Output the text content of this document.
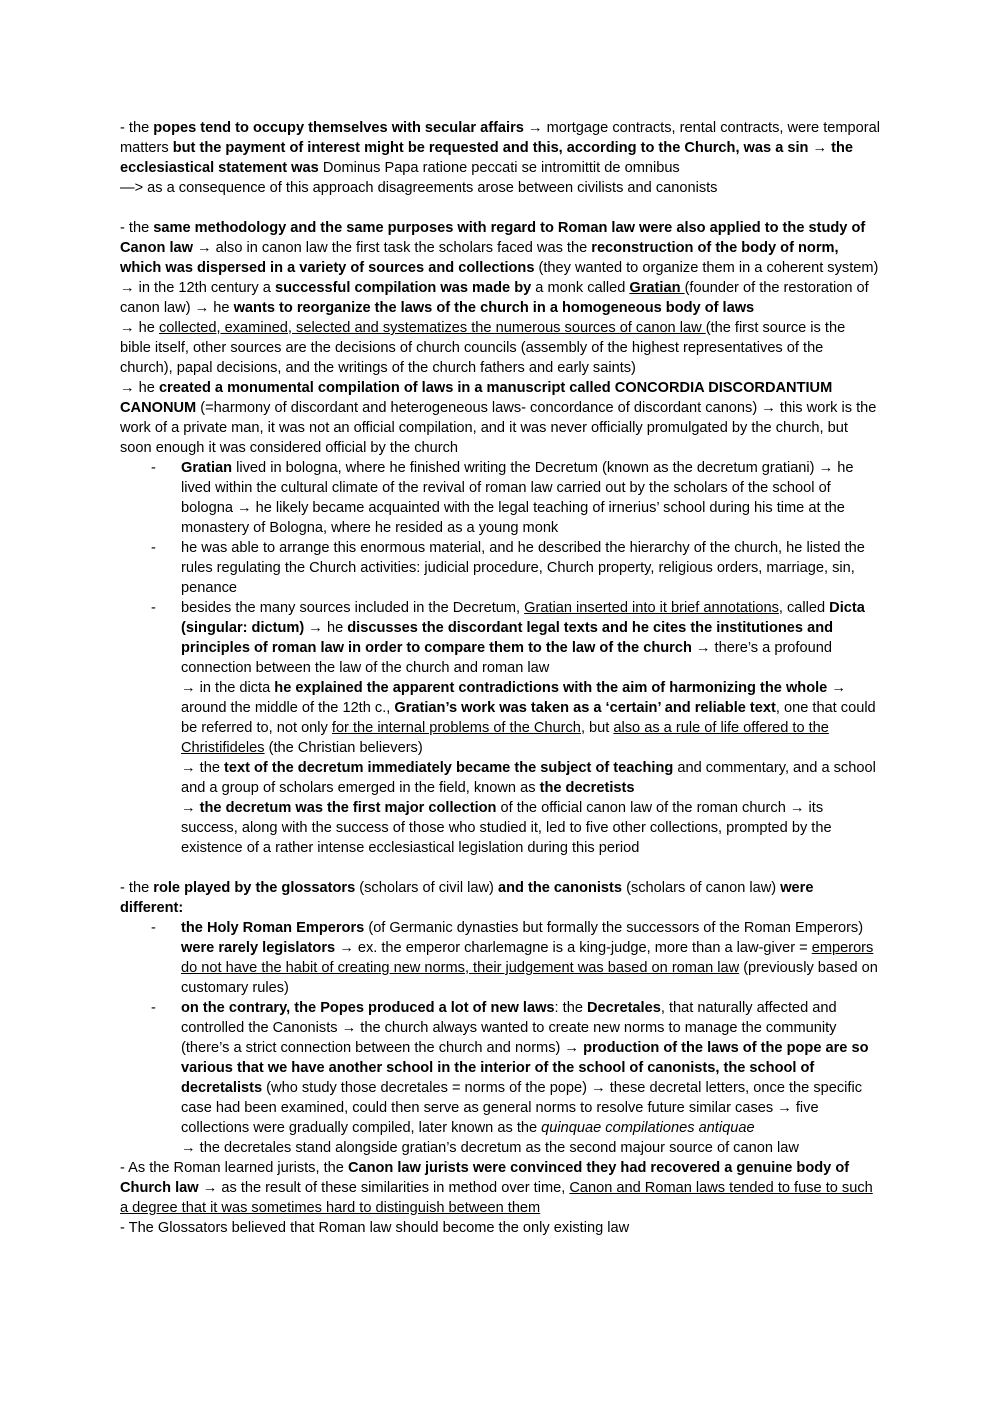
- the popes tend to occupy themselves with secular affairs → mortgage contracts, rental contracts, were temporal matters but the payment of interest might be requested and this, according to the Church, was a sin → the ecclesiastical statement was Dominus Papa ratione peccati se intromittit de omnibus

—> as a consequence of this approach disagreements arose between civilists and canonists

- the same methodology and the same purposes with regard to Roman law were also applied to the study of Canon law → also in canon law the first task the scholars faced was the reconstruction of the body of norm, which was dispersed in a variety of sources and collections (they wanted to organize them in a coherent system)

→ in the 12th century a successful compilation was made by a monk called Gratian (founder of the restoration of canon law) → he wants to reorganize the laws of the church in a homogeneous body of laws

→ he collected, examined, selected and systematizes the numerous sources of canon law (the first source is the bible itself, other sources are the decisions of church councils (assembly of the highest representatives of the church), papal decisions, and the writings of the church fathers and early saints)

→ he created a monumental compilation of laws in a manuscript called CONCORDIA DISCORDANTIUM CANONUM (=harmony of discordant and heterogeneous laws- concordance of discordant canons) → this work is the work of a private man, it was not an official compilation, and it was never officially promulgated by the church, but soon enough it was considered official by the church

- Gratian lived in bologna, where he finished writing the Decretum (known as the decretum gratiani) → he lived within the cultural climate of the revival of roman law carried out by the scholars of the school of bologna → he likely became acquainted with the legal teaching of irnerius’ school during his time at the monastery of Bologna, where he resided as a young monk

- he was able to arrange this enormous material, and he described the hierarchy of the church, he listed the rules regulating the Church activities: judicial procedure, Church property, religious orders, marriage, sin, penance

- besides the many sources included in the Decretum, Gratian inserted into it brief annotations, called Dicta (singular: dictum) → he discusses the discordant legal texts and he cites the institutiones and principles of roman law in order to compare them to the law of the church → there’s a profound connection between the law of the church and roman law

→ in the dicta he explained the apparent contradictions with the aim of harmonizing the whole → around the middle of the 12th c., Gratian’s work was taken as a ‘certain’ and reliable text, one that could be referred to, not only for the internal problems of the Church, but also as a rule of life offered to the Christifideles (the Christian believers)

→ the text of the decretum immediately became the subject of teaching and commentary, and a school and a group of scholars emerged in the field, known as the decretists

→ the decretum was the first major collection of the official canon law of the roman church → its success, along with the success of those who studied it, led to five other collections, prompted by the existence of a rather intense ecclesiastical legislation during this period

- the role played by the glossators (scholars of civil law) and the canonists (scholars of canon law) were different:

- the Holy Roman Emperors (of Germanic dynasties but formally the successors of the Roman Emperors) were rarely legislators → ex. the emperor charlemagne is a king-judge, more than a law-giver = emperors do not have the habit of creating new norms, their judgement was based on roman law (previously based on customary rules)

- on the contrary, the Popes produced a lot of new laws: the Decretales, that naturally affected and controlled the Canonists → the church always wanted to create new norms to manage the community (there’s a strict connection between the church and norms) → production of the laws of the pope are so various that we have another school in the interior of the school of canonists, the school of decretalists (who study those decretales = norms of the pope) → these decretal letters, once the specific case had been examined, could then serve as general norms to resolve future similar cases → five collections were gradually compiled, later known as the quinquae compilationes antiquae

→ the decretales stand alongside gratian’s decretum as the second majour source of canon law

- As the Roman learned jurists, the Canon law jurists were convinced they had recovered a genuine body of Church law → as the result of these similarities in method over time, Canon and Roman laws tended to fuse to such a degree that it was sometimes hard to distinguish between them

- The Glossators believed that Roman law should become the only existing law
